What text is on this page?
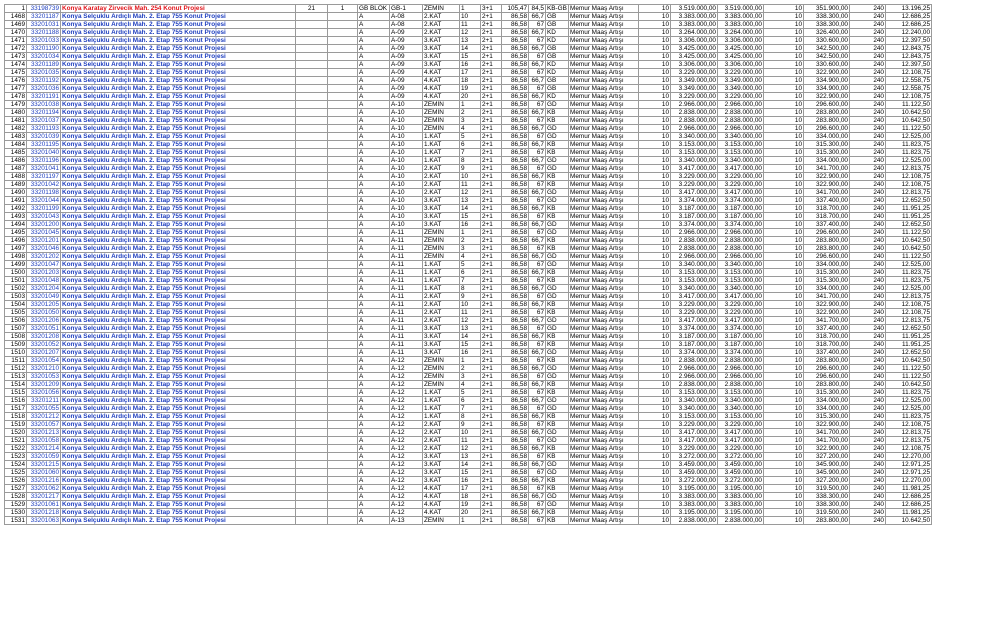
1	33198739	Konya Karatay Zirvecik Mah. 254 Konut Projesi	21	1	GB BLOK	GB-1	ZEMİN	1	3+1	105,47	84,5	KB-GB	Memur Maaş Artışı	10	3.519.000,00	3.519.000,00	10	351.900,00	240	13.196,25
1468	33201187	Konya Selçuklu Ardıçlı Mah. 2. Etap 755 Konut Projesi			A	A-08	2.KAT	10	2+1	86,58	66,7	GB	Memur Maaş Artışı	10	3.383.000,00	3.383.000,00	10	338.300,00	240	12.686,25
1469	33201031	Konya Selçuklu Ardıçlı Mah. 2. Etap 755 Konut Projesi			A	A-08	2.KAT	11	2+1	86,58	67	GB	Memur Maaş Artışı	10	3.383.000,00	3.383.000,00	10	338.300,00	240	12.686,25
1470	33201188	Konya Selçuklu Ardıçlı Mah. 2. Etap 755 Konut Projesi			A	A-09	2.KAT	12	2+1	86,58	66,7	KD	Memur Maaş Artışı	10	3.264.000,00	3.264.000,00	10	326.400,00	240	12.240,00
1471	33201033	Konya Selçuklu Ardıçlı Mah. 2. Etap 755 Konut Projesi			A	A-09	3.KAT	13	2+1	86,58	67	KD	Memur Maaş Artışı	10	3.306.000,00	3.306.000,00	10	330.600,00	240	12.397,50
1472	33201190	Konya Selçuklu Ardıçlı Mah. 2. Etap 755 Konut Projesi			A	A-09	3.KAT	14	2+1	86,58	66,7	GB	Memur Maaş Artışı	10	3.425.000,00	3.425.000,00	10	342.500,00	240	12.843,75
1473	33201034	Konya Selçuklu Ardıçlı Mah. 2. Etap 755 Konut Projesi			A	A-09	3.KAT	15	2+1	86,58	67	GB	Memur Maaş Artışı	10	3.425.000,00	3.425.000,00	10	342.500,00	240	12.843,75
1474	33201189	Konya Selçuklu Ardıçlı Mah. 2. Etap 755 Konut Projesi			A	A-09	3.KAT	16	2+1	86,58	66,7	KD	Memur Maaş Artışı	10	3.306.000,00	3.306.000,00	10	330.600,00	240	12.397,50
1475	33201035	Konya Selçuklu Ardıçlı Mah. 2. Etap 755 Konut Projesi			A	A-09	4.KAT	17	2+1	86,58	67	KD	Memur Maaş Artışı	10	3.229.000,00	3.229.000,00	10	322.900,00	240	12.108,75
1476	33201192	Konya Selçuklu Ardıçlı Mah. 2. Etap 755 Konut Projesi			A	A-09	4.KAT	18	2+1	86,58	66,7	GB	Memur Maaş Artışı	10	3.349.000,00	3.349.000,00	10	334.900,00	240	12.558,75
1477	33201036	Konya Selçuklu Ardıçlı Mah. 2. Etap 755 Konut Projesi			A	A-09	4.KAT	19	2+1	86,58	67	GB	Memur Maaş Artışı	10	3.349.000,00	3.349.000,00	10	334.900,00	240	12.558,75
1478	33201191	Konya Selçuklu Ardıçlı Mah. 2. Etap 755 Konut Projesi			A	A-09	4.KAT	20	2+1	86,58	66,7	KD	Memur Maaş Artışı	10	3.229.000,00	3.229.000,00	10	322.900,00	240	12.108,75
1479	33201038	Konya Selçuklu Ardıçlı Mah. 2. Etap 755 Konut Projesi			A	A-10	ZEMİN	1	2+1	86,58	67	GD	Memur Maaş Artışı	10	2.966.000,00	2.966.000,00	10	296.600,00	240	11.122,50
1480	33201194	Konya Selçuklu Ardıçlı Mah. 2. Etap 755 Konut Projesi			A	A-10	ZEMİN	2	2+1	86,58	66,7	KB	Memur Maaş Artışı	10	2.838.000,00	2.838.000,00	10	283.800,00	240	10.642,50
1481	33201037	Konya Selçuklu Ardıçlı Mah. 2. Etap 755 Konut Projesi			A	A-10	ZEMİN	3	2+1	86,58	67	KB	Memur Maaş Artışı	10	2.838.000,00	2.838.000,00	10	283.800,00	240	10.642,50
1482	33201193	Konya Selçuklu Ardıçlı Mah. 2. Etap 755 Konut Projesi			A	A-10	ZEMİN	4	2+1	86,58	66,7	GD	Memur Maaş Artışı	10	2.966.000,00	2.966.000,00	10	296.600,00	240	11.122,50
1483	33201039	Konya Selçuklu Ardıçlı Mah. 2. Etap 755 Konut Projesi			A	A-10	1.KAT	5	2+1	86,58	67	GD	Memur Maaş Artışı	10	3.340.000,00	3.340.000,00	10	334.000,00	240	12.525,00
1484	33201195	Konya Selçuklu Ardıçlı Mah. 2. Etap 755 Konut Projesi			A	A-10	1.KAT	6	2+1	86,58	66,7	KB	Memur Maaş Artışı	10	3.153.000,00	3.153.000,00	10	315.300,00	240	11.823,75
1485	33201040	Konya Selçuklu Ardıçlı Mah. 2. Etap 755 Konut Projesi			A	A-10	1.KAT	7	2+1	86,58	67	KB	Memur Maaş Artışı	10	3.153.000,00	3.153.000,00	10	315.300,00	240	11.823,75
1486	33201196	Konya Selçuklu Ardıçlı Mah. 2. Etap 755 Konut Projesi			A	A-10	1.KAT	8	2+1	86,58	66,7	GD	Memur Maaş Artışı	10	3.340.000,00	3.340.000,00	10	334.000,00	240	12.525,00
1487	33201041	Konya Selçuklu Ardıçlı Mah. 2. Etap 755 Konut Projesi			A	A-10	2.KAT	9	2+1	86,58	67	GD	Memur Maaş Artışı	10	3.417.000,00	3.417.000,00	10	341.700,00	240	12.813,75
1488	33201197	Konya Selçuklu Ardıçlı Mah. 2. Etap 755 Konut Projesi			A	A-10	2.KAT	10	2+1	86,58	66,7	KB	Memur Maaş Artışı	10	3.229.000,00	3.229.000,00	10	322.900,00	240	12.108,75
1489	33201042	Konya Selçuklu Ardıçlı Mah. 2. Etap 755 Konut Projesi			A	A-10	2.KAT	11	2+1	86,58	67	KB	Memur Maaş Artışı	10	3.229.000,00	3.229.000,00	10	322.900,00	240	12.108,75
1490	33201198	Konya Selçuklu Ardıçlı Mah. 2. Etap 755 Konut Projesi			A	A-10	2.KAT	12	2+1	86,58	66,7	GD	Memur Maaş Artışı	10	3.417.000,00	3.417.000,00	10	341.700,00	240	12.813,75
1491	33201044	Konya Selçuklu Ardıçlı Mah. 2. Etap 755 Konut Projesi			A	A-10	3.KAT	13	2+1	86,58	67	GD	Memur Maaş Artışı	10	3.374.000,00	3.374.000,00	10	337.400,00	240	12.652,50
1492	33201199	Konya Selçuklu Ardıçlı Mah. 2. Etap 755 Konut Projesi			A	A-10	3.KAT	14	2+1	86,58	66,7	KB	Memur Maaş Artışı	10	3.187.000,00	3.187.000,00	10	318.700,00	240	11.951,25
1493	33201043	Konya Selçuklu Ardıçlı Mah. 2. Etap 755 Konut Projesi			A	A-10	3.KAT	15	2+1	86,58	67	KB	Memur Maaş Artışı	10	3.187.000,00	3.187.000,00	10	318.700,00	240	11.951,25
1494	33201200	Konya Selçuklu Ardıçlı Mah. 2. Etap 755 Konut Projesi			A	A-10	3.KAT	16	2+1	86,58	66,7	GD	Memur Maaş Artışı	10	3.374.000,00	3.374.000,00	10	337.400,00	240	12.652,50
1495	33201045	Konya Selçuklu Ardıçlı Mah. 2. Etap 755 Konut Projesi			A	A-11	ZEMİN	1	2+1	86,58	67	GD	Memur Maaş Artışı	10	2.966.000,00	2.966.000,00	10	296.600,00	240	11.122,50
1496	33201201	Konya Selçuklu Ardıçlı Mah. 2. Etap 755 Konut Projesi			A	A-11	ZEMİN	2	2+1	86,58	66,7	KB	Memur Maaş Artışı	10	2.838.000,00	2.838.000,00	10	283.800,00	240	10.642,50
1497	33201046	Konya Selçuklu Ardıçlı Mah. 2. Etap 755 Konut Projesi			A	A-11	ZEMİN	3	2+1	86,58	67	KB	Memur Maaş Artışı	10	2.838.000,00	2.838.000,00	10	283.800,00	240	10.642,50
1498	33201202	Konya Selçuklu Ardıçlı Mah. 2. Etap 755 Konut Projesi			A	A-11	ZEMİN	4	2+1	86,58	66,7	GD	Memur Maaş Artışı	10	2.966.000,00	2.966.000,00	10	296.600,00	240	11.122,50
1499	33201047	Konya Selçuklu Ardıçlı Mah. 2. Etap 755 Konut Projesi			A	A-11	1.KAT	5	2+1	86,58	67	GD	Memur Maaş Artışı	10	3.340.000,00	3.340.000,00	10	334.000,00	240	12.525,00
1500	33201203	Konya Selçuklu Ardıçlı Mah. 2. Etap 755 Konut Projesi			A	A-11	1.KAT	6	2+1	86,58	66,7	KB	Memur Maaş Artışı	10	3.153.000,00	3.153.000,00	10	315.300,00	240	11.823,75
1501	33201048	Konya Selçuklu Ardıçlı Mah. 2. Etap 755 Konut Projesi			A	A-11	1.KAT	7	2+1	86,58	67	KB	Memur Maaş Artışı	10	3.153.000,00	3.153.000,00	10	315.300,00	240	11.823,75
1502	33201204	Konya Selçuklu Ardıçlı Mah. 2. Etap 755 Konut Projesi			A	A-11	1.KAT	8	2+1	86,58	66,7	GD	Memur Maaş Artışı	10	3.340.000,00	3.340.000,00	10	334.000,00	240	12.525,00
1503	33201049	Konya Selçuklu Ardıçlı Mah. 2. Etap 755 Konut Projesi			A	A-11	2.KAT	9	2+1	86,58	67	GD	Memur Maaş Artışı	10	3.417.000,00	3.417.000,00	10	341.700,00	240	12.813,75
1504	33201205	Konya Selçuklu Ardıçlı Mah. 2. Etap 755 Konut Projesi			A	A-11	2.KAT	10	2+1	86,58	66,7	KB	Memur Maaş Artışı	10	3.229.000,00	3.229.000,00	10	322.900,00	240	12.108,75
1505	33201050	Konya Selçuklu Ardıçlı Mah. 2. Etap 755 Konut Projesi			A	A-11	2.KAT	11	2+1	86,58	67	KB	Memur Maaş Artışı	10	3.229.000,00	3.229.000,00	10	322.900,00	240	12.108,75
1506	33201206	Konya Selçuklu Ardıçlı Mah. 2. Etap 755 Konut Projesi			A	A-11	2.KAT	12	2+1	86,58	66,7	GD	Memur Maaş Artışı	10	3.417.000,00	3.417.000,00	10	341.700,00	240	12.813,75
1507	33201051	Konya Selçuklu Ardıçlı Mah. 2. Etap 755 Konut Projesi			A	A-11	3.KAT	13	2+1	86,58	67	GD	Memur Maaş Artışı	10	3.374.000,00	3.374.000,00	10	337.400,00	240	12.652,50
1508	33201208	Konya Selçuklu Ardıçlı Mah. 2. Etap 755 Konut Projesi			A	A-11	3.KAT	14	2+1	86,58	66,7	KB	Memur Maaş Artışı	10	3.187.000,00	3.187.000,00	10	318.700,00	240	11.951,25
1509	33201052	Konya Selçuklu Ardıçlı Mah. 2. Etap 755 Konut Projesi			A	A-11	3.KAT	15	2+1	86,58	67	KB	Memur Maaş Artışı	10	3.187.000,00	3.187.000,00	10	318.700,00	240	11.951,25
1510	33201207	Konya Selçuklu Ardıçlı Mah. 2. Etap 755 Konut Projesi			A	A-11	3.KAT	16	2+1	86,58	66,7	GD	Memur Maaş Artışı	10	3.374.000,00	3.374.000,00	10	337.400,00	240	12.652,50
1511	33201054	Konya Selçuklu Ardıçlı Mah. 2. Etap 755 Konut Projesi			A	A-12	ZEMİN	1	2+1	86,58	67	KB	Memur Maaş Artışı	10	2.838.000,00	2.838.000,00	10	283.800,00	240	10.642,50
1512	33201210	Konya Selçuklu Ardıçlı Mah. 2. Etap 755 Konut Projesi			A	A-12	ZEMİN	2	2+1	86,58	66,7	GD	Memur Maaş Artışı	10	2.966.000,00	2.966.000,00	10	296.600,00	240	11.122,50
1513	33201053	Konya Selçuklu Ardıçlı Mah. 2. Etap 755 Konut Projesi			A	A-12	ZEMİN	3	2+1	86,58	67	GD	Memur Maaş Artışı	10	2.966.000,00	2.966.000,00	10	296.600,00	240	11.122,50
1514	33201209	Konya Selçuklu Ardıçlı Mah. 2. Etap 755 Konut Projesi			A	A-12	ZEMİN	4	2+1	86,58	66,7	KB	Memur Maaş Artışı	10	2.838.000,00	2.838.000,00	10	283.800,00	240	10.642,50
1515	33201056	Konya Selçuklu Ardıçlı Mah. 2. Etap 755 Konut Projesi			A	A-12	1.KAT	5	2+1	86,58	67	KB	Memur Maaş Artışı	10	3.153.000,00	3.153.000,00	10	315.300,00	240	11.823,75
1516	33201211	Konya Selçuklu Ardıçlı Mah. 2. Etap 755 Konut Projesi			A	A-12	1.KAT	6	2+1	86,58	66,7	GD	Memur Maaş Artışı	10	3.340.000,00	3.340.000,00	10	334.000,00	240	12.525,00
1517	33201055	Konya Selçuklu Ardıçlı Mah. 2. Etap 755 Konut Projesi			A	A-12	1.KAT	7	2+1	86,58	67	GD	Memur Maaş Artışı	10	3.340.000,00	3.340.000,00	10	334.000,00	240	12.525,00
1518	33201212	Konya Selçuklu Ardıçlı Mah. 2. Etap 755 Konut Projesi			A	A-12	1.KAT	8	2+1	86,58	66,7	KB	Memur Maaş Artışı	10	3.153.000,00	3.153.000,00	10	315.300,00	240	11.823,75
1519	33201057	Konya Selçuklu Ardıçlı Mah. 2. Etap 755 Konut Projesi			A	A-12	2.KAT	9	2+1	86,58	67	KB	Memur Maaş Artışı	10	3.229.000,00	3.229.000,00	10	322.900,00	240	12.108,75
1520	33201213	Konya Selçuklu Ardıçlı Mah. 2. Etap 755 Konut Projesi			A	A-12	2.KAT	10	2+1	86,58	66,7	GD	Memur Maaş Artışı	10	3.417.000,00	3.417.000,00	10	341.700,00	240	12.813,75
1521	33201058	Konya Selçuklu Ardıçlı Mah. 2. Etap 755 Konut Projesi			A	A-12	2.KAT	11	2+1	86,58	67	GD	Memur Maaş Artışı	10	3.417.000,00	3.417.000,00	10	341.700,00	240	12.813,75
1522	33201214	Konya Selçuklu Ardıçlı Mah. 2. Etap 755 Konut Projesi			A	A-12	2.KAT	12	2+1	86,58	66,7	KB	Memur Maaş Artışı	10	3.229.000,00	3.229.000,00	10	322.900,00	240	12.108,75
1523	33201059	Konya Selçuklu Ardıçlı Mah. 2. Etap 755 Konut Projesi			A	A-12	3.KAT	13	2+1	86,58	67	KB	Memur Maaş Artışı	10	3.272.000,00	3.272.000,00	10	327.200,00	240	12.270,00
1524	33201215	Konya Selçuklu Ardıçlı Mah. 2. Etap 755 Konut Projesi			A	A-12	3.KAT	14	2+1	86,58	66,7	GD	Memur Maaş Artışı	10	3.459.000,00	3.459.000,00	10	345.900,00	240	12.971,25
1525	33201060	Konya Selçuklu Ardıçlı Mah. 2. Etap 755 Konut Projesi			A	A-12	3.KAT	15	2+1	86,58	67	GD	Memur Maaş Artışı	10	3.459.000,00	3.459.000,00	10	345.900,00	240	12.971,25
1526	33201216	Konya Selçuklu Ardıçlı Mah. 2. Etap 755 Konut Projesi			A	A-12	3.KAT	16	2+1	86,58	66,7	KB	Memur Maaş Artışı	10	3.272.000,00	3.272.000,00	10	327.200,00	240	12.270,00
1527	33201062	Konya Selçuklu Ardıçlı Mah. 2. Etap 755 Konut Projesi			A	A-12	4.KAT	17	2+1	86,58	67	KB	Memur Maaş Artışı	10	3.195.000,00	3.195.000,00	10	319.500,00	240	11.981,25
1528	33201217	Konya Selçuklu Ardıçlı Mah. 2. Etap 755 Konut Projesi			A	A-12	4.KAT	18	2+1	86,58	66,7	GD	Memur Maaş Artışı	10	3.383.000,00	3.383.000,00	10	338.300,00	240	12.686,25
1529	33201061	Konya Selçuklu Ardıçlı Mah. 2. Etap 755 Konut Projesi			A	A-12	4.KAT	19	2+1	86,58	67	GD	Memur Maaş Artışı	10	3.383.000,00	3.383.000,00	10	338.300,00	240	12.686,25
1530	33201218	Konya Selçuklu Ardıçlı Mah. 2. Etap 755 Konut Projesi			A	A-12	4.KAT	20	2+1	86,58	66,7	KB	Memur Maaş Artışı	10	3.195.000,00	3.195.000,00	10	319.500,00	240	11.981,25
1531	33201063	Konya Selçuklu Ardıçlı Mah. 2. Etap 755 Konut Projesi			A	A-13	ZEMİN	1	2+1	86,58	67	KB	Memur Maaş Artışı	10	2.838.000,00	2.838.000,00	10	283.800,00	240	10.642,50
